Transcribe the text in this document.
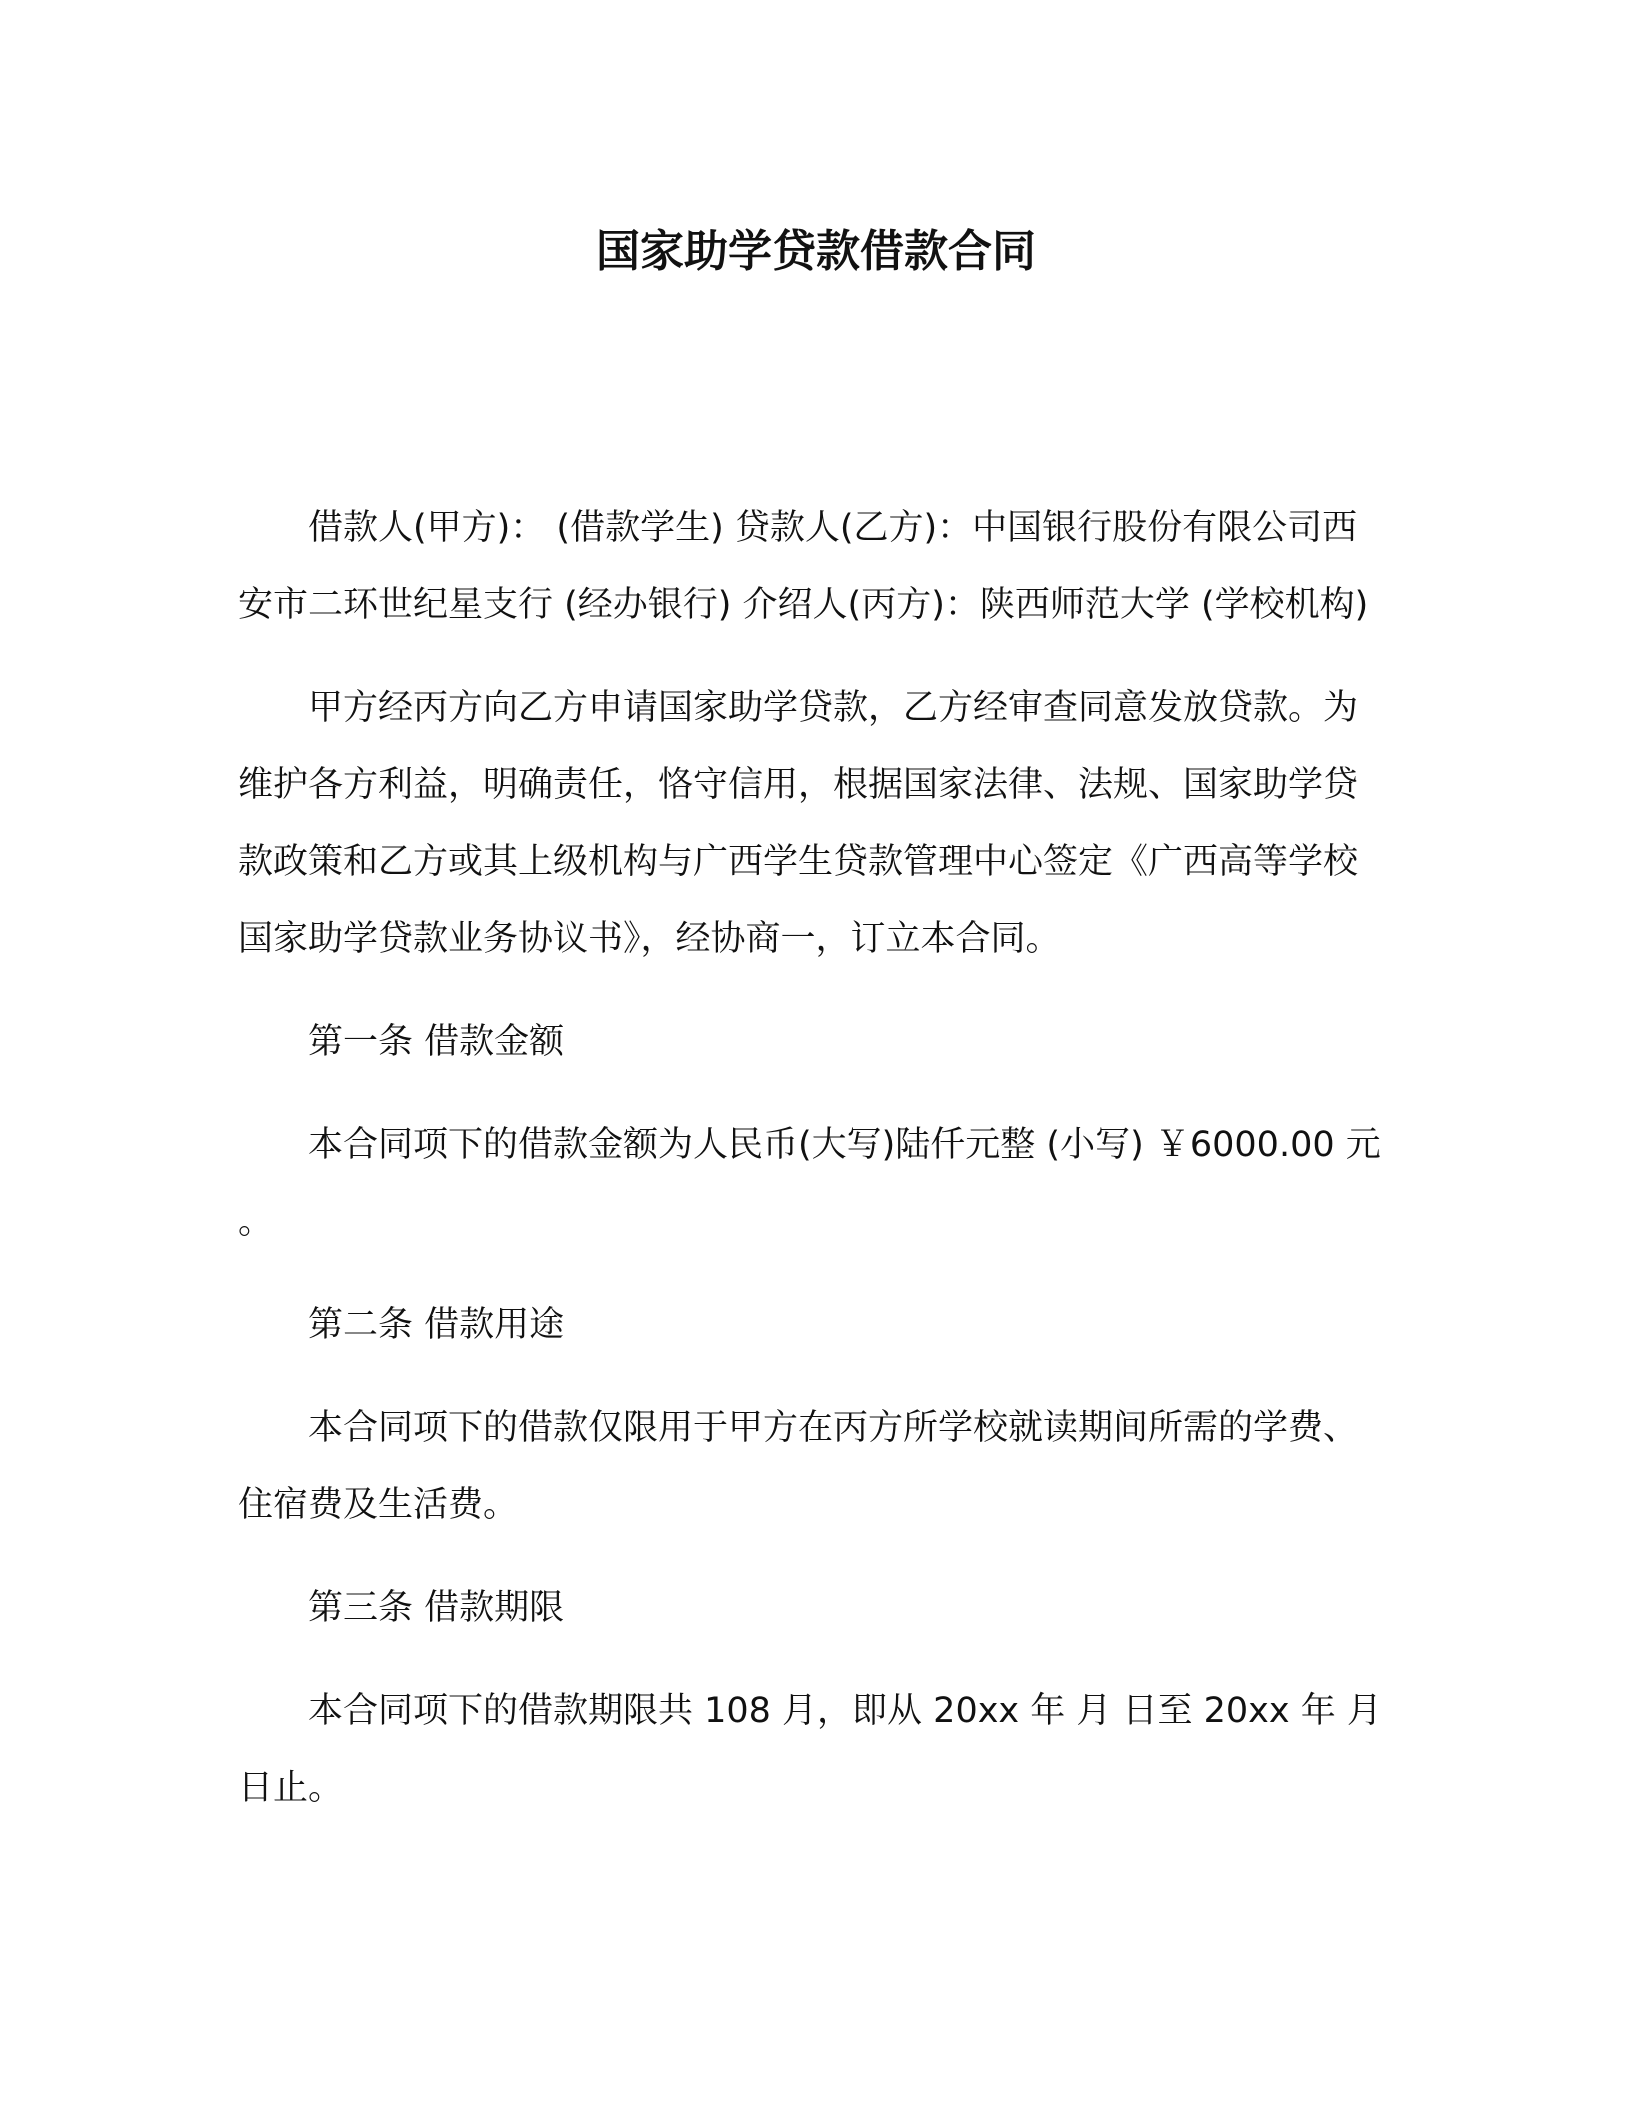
国家助学贷款借款合同

借款人(甲方)： (借款学生) 贷款人(乙方)：中国银行股份有限公司西安市二环世纪星支行 (经办银行) 介绍人(丙方)：陕西师范大学 (学校机构)

甲方经丙方向乙方申请国家助学贷款，乙方经审查同意发放贷款。为维护各方利益，明确责任，恪守信用，根据国家法律、法规、国家助学贷款政策和乙方或其上级机构与广西学生贷款管理中心签定《广西高等学校国家助学贷款业务协议书》，经协商一，订立本合同。

第一条 借款金额

本合同项下的借款金额为人民币(大写)陆仟元整 (小写) ￥6000.00 元 。

第二条 借款用途

本合同项下的借款仅限用于甲方在丙方所学校就读期间所需的学费、住宿费及生活费。

第三条 借款期限

本合同项下的借款期限共 108 月，即从 20xx 年 月 日至 20xx 年 月 日止。
